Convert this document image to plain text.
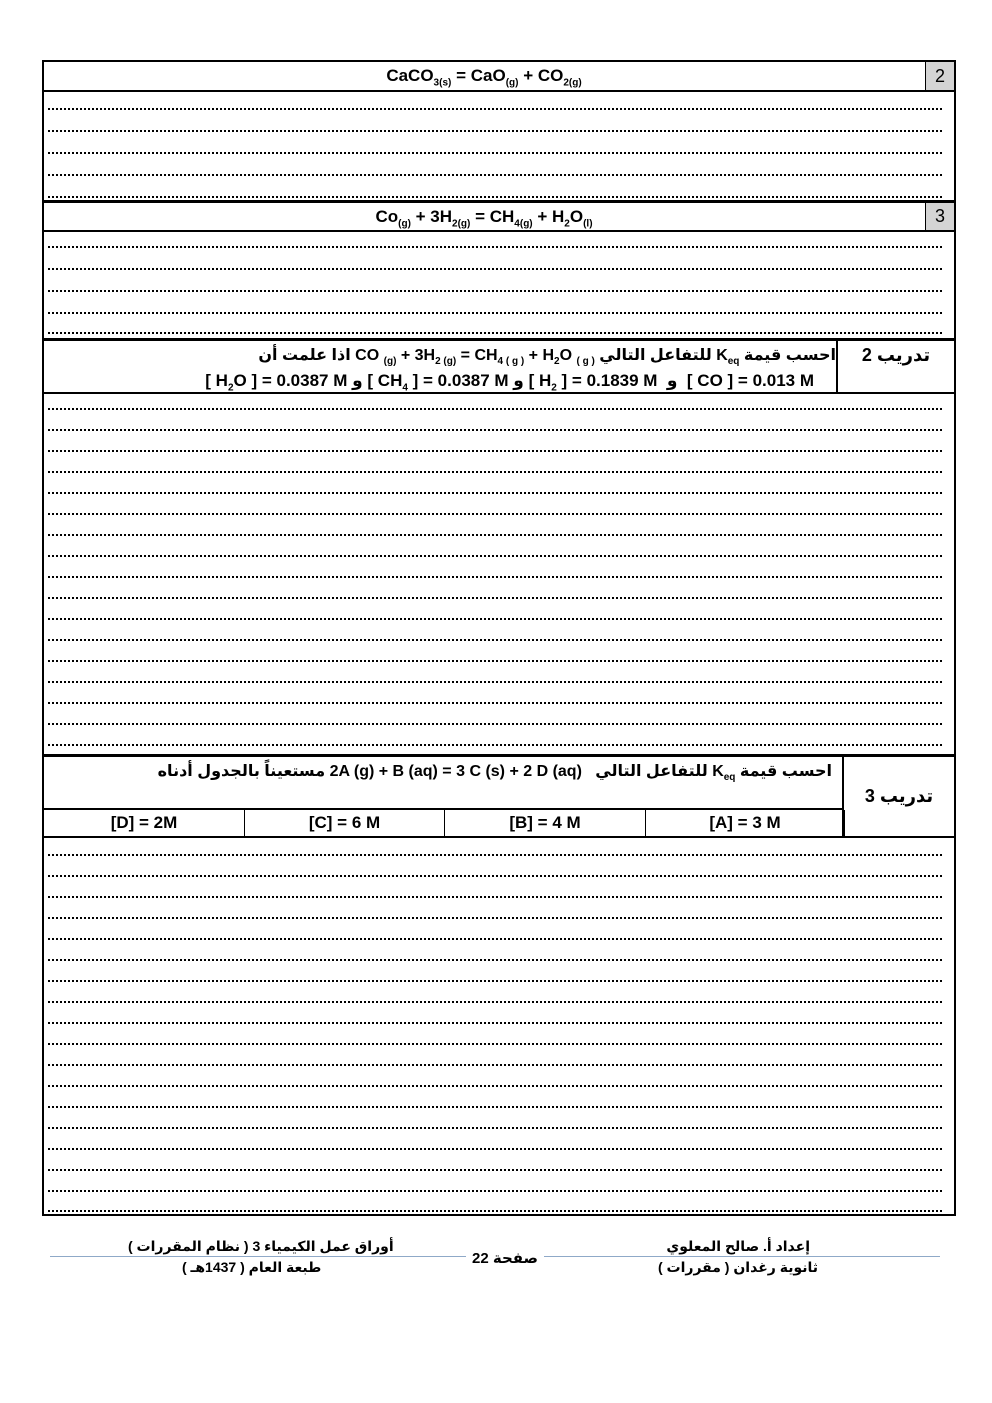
CaCO$_{3(s)}$ = $CaO_{(g)} + CO_{2(g)}$	2
$Co_{(g)} + 3H_{2(g)} = CH_{4(g)} + H_2O_{(l)}$	3
احسب قيمة $K_{eq}$ للتفاعل التالي CO $_{(g)} + 3H_{2 (g)} = CH_{4 ( g )} + H_2O$ $_{( g )}$ اذا علمت أن
[ CO ] = 0.013 M  و  [ $H_2$ ] = 0.1839 M و [ $CH_4$ ] = 0.0387 M و [ $H_2O$ ] = 0.0387 M
تدريب 2
احسب قيمة $K_{eq}$ للتفاعل التالي   2A (g) + B (aq) = 3 C (s) + 2 D (aq) مستعيناً بالجدول أدناه
تدريب 3
[D] = 2M	[C] = 6 M	[B] = 4 M	[A] = 3 M
إعداد أ. صالح المعلوي
ثانوية رغدان ( مقررات )
صفحة 22
أوراق عمل الكيمياء 3 ( نظام المقررات )
طبعة العام ( 1437هـ )
